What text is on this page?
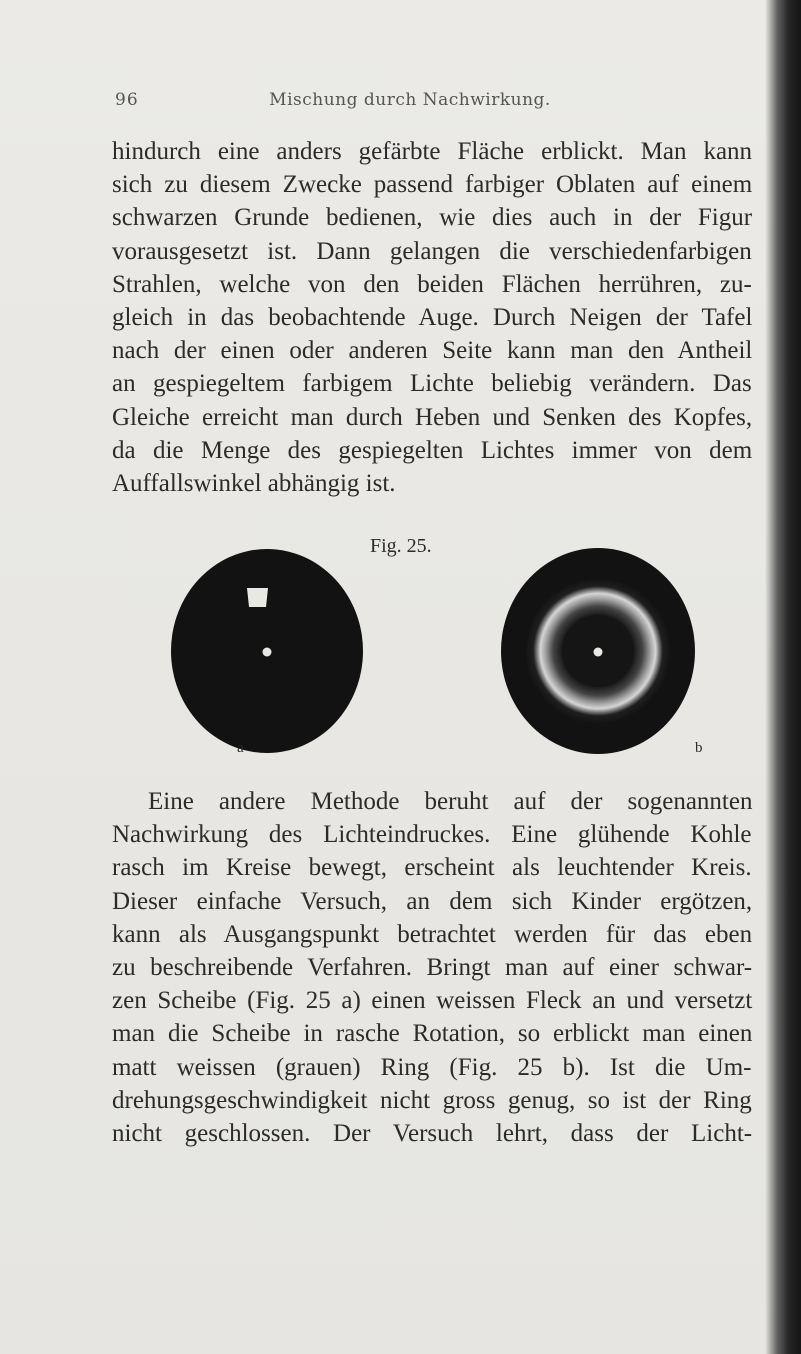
96	Mischung durch Nachwirkung.
hindurch eine anders gefärbte Fläche erblickt. Man kann
sich zu diesem Zwecke passend farbiger Oblaten auf einem
schwarzen Grunde bedienen, wie dies auch in der Figur
vorausgesetzt ist. Dann gelangen die verschiedenfarbigen
Strahlen, welche von den beiden Flächen herrühren, zu-
gleich in das beobachtende Auge. Durch Neigen der Tafel
nach der einen oder anderen Seite kann man den Antheil
an gespiegeltem farbigem Lichte beliebig verändern. Das
Gleiche erreicht man durch Heben und Senken des Kopfes,
da die Menge des gespiegelten Lichtes immer von dem
Auffallswinkel abhängig ist.
Fig. 25.
a	b
Eine andere Methode beruht auf der sogenannten
Nachwirkung des Lichteindruckes. Eine glühende Kohle
rasch im Kreise bewegt, erscheint als leuchtender Kreis.
Dieser einfache Versuch, an dem sich Kinder ergötzen,
kann als Ausgangspunkt betrachtet werden für das eben
zu beschreibende Verfahren. Bringt man auf einer schwar-
zen Scheibe (Fig. 25 a) einen weissen Fleck an und versetzt
man die Scheibe in rasche Rotation, so erblickt man einen
matt weissen (grauen) Ring (Fig. 25 b). Ist die Um-
drehungsgeschwindigkeit nicht gross genug, so ist der Ring
nicht geschlossen. Der Versuch lehrt, dass der Licht-
